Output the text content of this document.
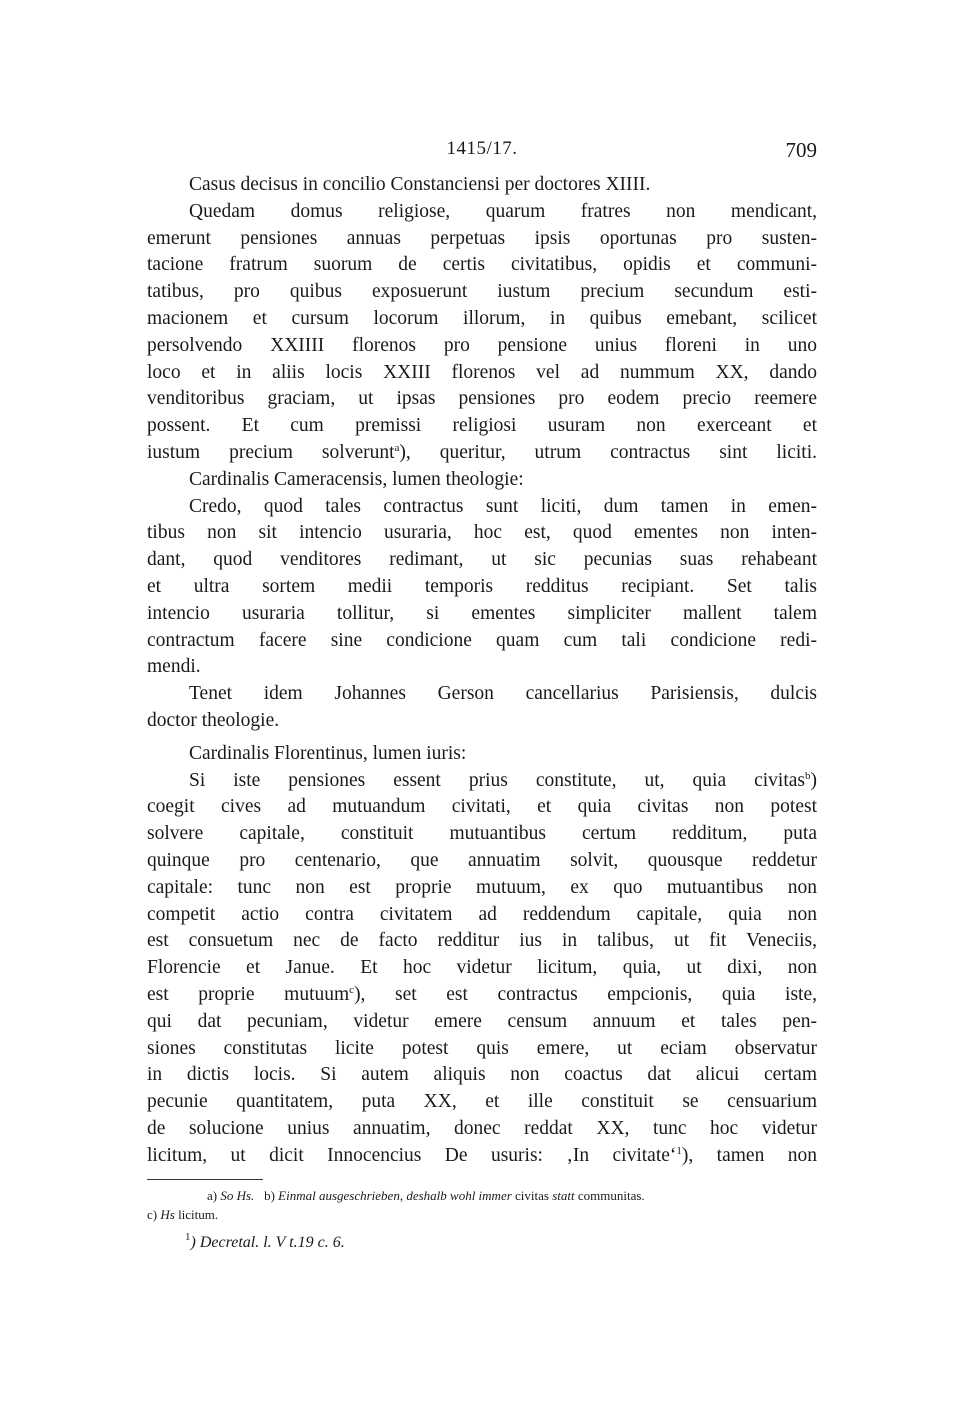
1415/17.	709
Casus decisus in concilio Constanciensi per doctores XIIII.
Quedam domus religiose, quarum fratres non mendicant,
emerunt pensiones annuas perpetuas ipsis oportunas pro susten-
tacione fratrum suorum de certis civitatibus, opidis et communi-
tatibus, pro quibus exposuerunt iustum precium secundum esti-
macionem et cursum locorum illorum, in quibus emebant, scilicet
persolvendo XXIIII florenos pro pensione unius floreni in uno
loco et in aliis locis XXIII florenos vel ad nummum XX, dando
venditoribus graciam, ut ipsas pensiones pro eodem precio reemere
possent. Et cum premissi religiosi usuram non exerceant et
iustum precium solverunt$^a$), queritur, utrum contractus sint liciti.
Cardinalis Cameracensis, lumen theologie:
Credo, quod tales contractus sunt liciti, dum tamen in emen-
tibus non sit intencio usuraria, hoc est, quod ementes non inten-
dant, quod venditores redimant, ut sic pecunias suas rehabeant
et ultra sortem medii temporis redditus recipiant. Set talis
intencio usuraria tollitur, si ementes simpliciter mallent talem
contractum facere sine condicione quam cum tali condicione redi-
mendi.
Tenet idem Johannes Gerson cancellarius Parisiensis, dulcis
doctor theologie.
Cardinalis Florentinus, lumen iuris:
Si iste pensiones essent prius constitute, ut, quia civitas$^b$)
coegit cives ad mutuandum civitati, et quia civitas non potest
solvere capitale, constituit mutuantibus certum redditum, puta
quinque pro centenario, que annuatim solvit, quousque reddetur
capitale: tunc non est proprie mutuum, ex quo mutuantibus non
competit actio contra civitatem ad reddendum capitale, quia non
est consuetum nec de facto redditur ius in talibus, ut fit Veneciis,
Florencie et Janue. Et hoc videtur licitum, quia, ut dixi, non
est proprie mutuum$^c$), set est contractus empcionis, quia iste,
qui dat pecuniam, videtur emere censum annuum et tales pen-
siones constitutas licite potest quis emere, ut eciam observatur
in dictis locis. Si autem aliquis non coactus dat alicui certam
pecunie quantitatem, puta XX, et ille constituit se censuarium
de solucione unius annuatim, donec reddat XX, tunc hoc videtur
licitum, ut dicit Innocencius De usuris: ‚In civitate‘$^1$), tamen non
a) So Hs. b) Einmal ausgeschrieben, deshalb wohl immer civitas statt communitas.
c) Hs licitum.
$^1$) Decretal. l. V t.19 c. 6.
